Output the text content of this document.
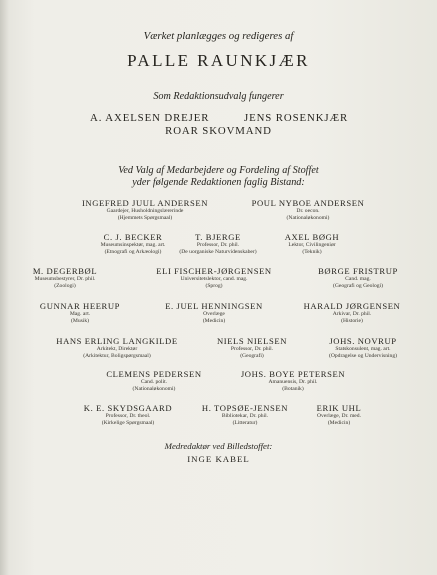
Værket planlægges og redigeres af
PALLE RAUNKJÆR
Som Redaktionsudvalg fungerer
A. AXELSEN DREJER	JENS ROSENKJÆR
ROAR SKOVMAND
Ved Valg af Medarbejdere og Fordeling af Stoffet
yder følgende Redaktionen faglig Bistand:
INGEFRED JUUL ANDERSEN
Gaardejer, Husholdningslærerinde
(Hjemmets Spørgsmaal)
POUL NYBOE ANDERSEN
Dr. oecon.
(Nationaløkonomi)
C. J. BECKER
Museumsinspektør, mag. art.
(Etnografi og Arkæologi)
T. BJERGE
Professor, Dr. phil.
(De uorganiske Naturvidenskaber)
AXEL BØGH
Lektor, Civilingeniør
(Teknik)
M. DEGERBØL
Museumsbestyrer, Dr. phil.
(Zoologi)
ELI FISCHER-JØRGENSEN
Universitetslektor, cand. mag.
(Sprog)
BØRGE FRISTRUP
Cand. mag.
(Geografi og Geologi)
GUNNAR HEERUP
Mag. art.
(Musik)
E. JUEL HENNINGSEN
Overlæge
(Medicin)
HARALD JØRGENSEN
Arkivar, Dr. phil.
(Historie)
HANS ERLING LANGKILDE
Arkitekt, Direktør
(Arkitektur, Boligspørgsmaal)
NIELS NIELSEN
Professor, Dr. phil.
(Geografi)
JOHS. NOVRUP
Statskonsulent, mag. art.
(Opdragelse og Undervisning)
CLEMENS PEDERSEN
Cand. polit.
(Nationaløkonomi)
JOHS. BOYE PETERSEN
Amanuensis, Dr. phil.
(Botanik)
K. E. SKYDSGAARD
Professor, Dr. theol.
(Kirkelige Spørgsmaal)
H. TOPSØE-JENSEN
Bibliotekar, Dr. phil.
(Litteratur)
ERIK UHL
Overlæge, Dr. med.
(Medicin)
Medredaktør ved Billedstoffet:
INGE KABEL
